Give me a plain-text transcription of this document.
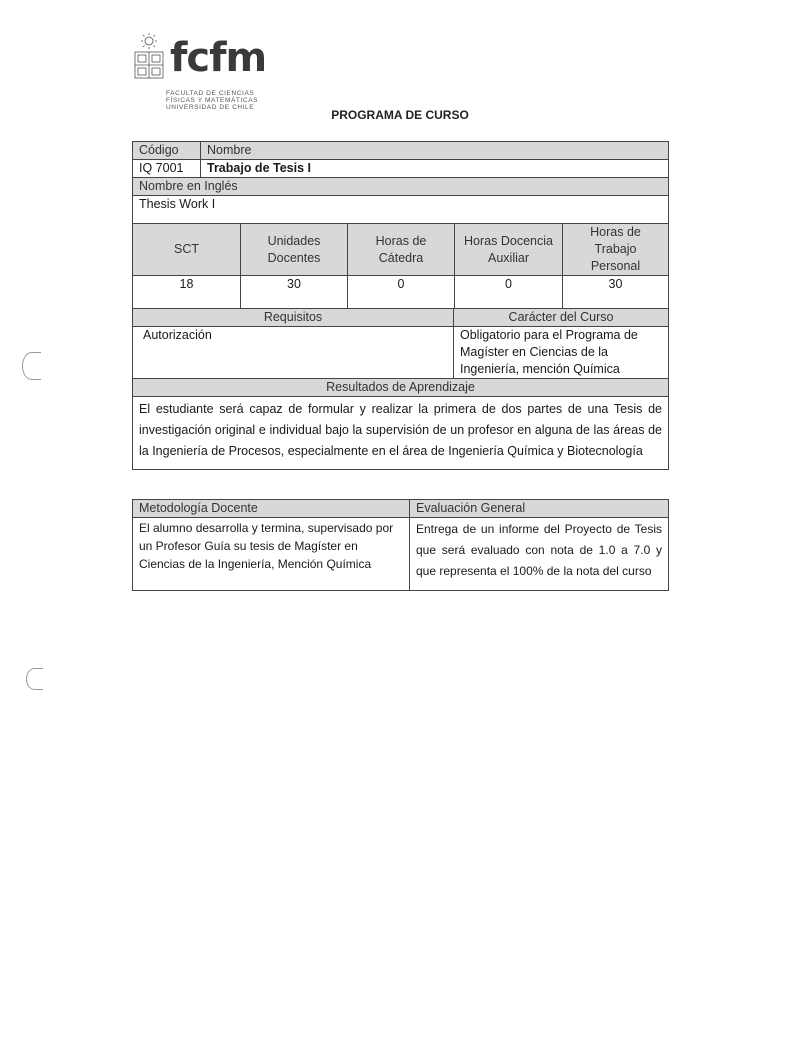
fcfm
FACULTAD DE CIENCIAS
FÍSICAS Y MATEMÁTICAS
UNIVERSIDAD DE CHILE
PROGRAMA DE CURSO
Código	Nombre
IQ 7001	Trabajo de Tesis I
Nombre en Inglés	
Thesis Work I	
SCT	Unidades Docentes	Horas de Cátedra	Horas Docencia Auxiliar	Horas de Trabajo Personal
18	30	0	0	30
Requisitos	Carácter del Curso
Autorización	Obligatorio para el Programa de Magíster en Ciencias de la Ingeniería, mención Química
Resultados de Aprendizaje	
El estudiante será capaz de formular y realizar la primera de dos partes de una Tesis de investigación original e individual bajo la supervisión de un profesor en alguna de las áreas de la Ingeniería de Procesos, especialmente en el área de Ingeniería Química y Biotecnología	
Metodología Docente	Evaluación General
El alumno desarrolla y termina, supervisado por un Profesor Guía su tesis de Magíster en Ciencias de la Ingeniería, Mención Química	Entrega de un informe del Proyecto de Tesis que será evaluado con nota de 1.0 a 7.0 y que representa el 100% de la nota del curso
